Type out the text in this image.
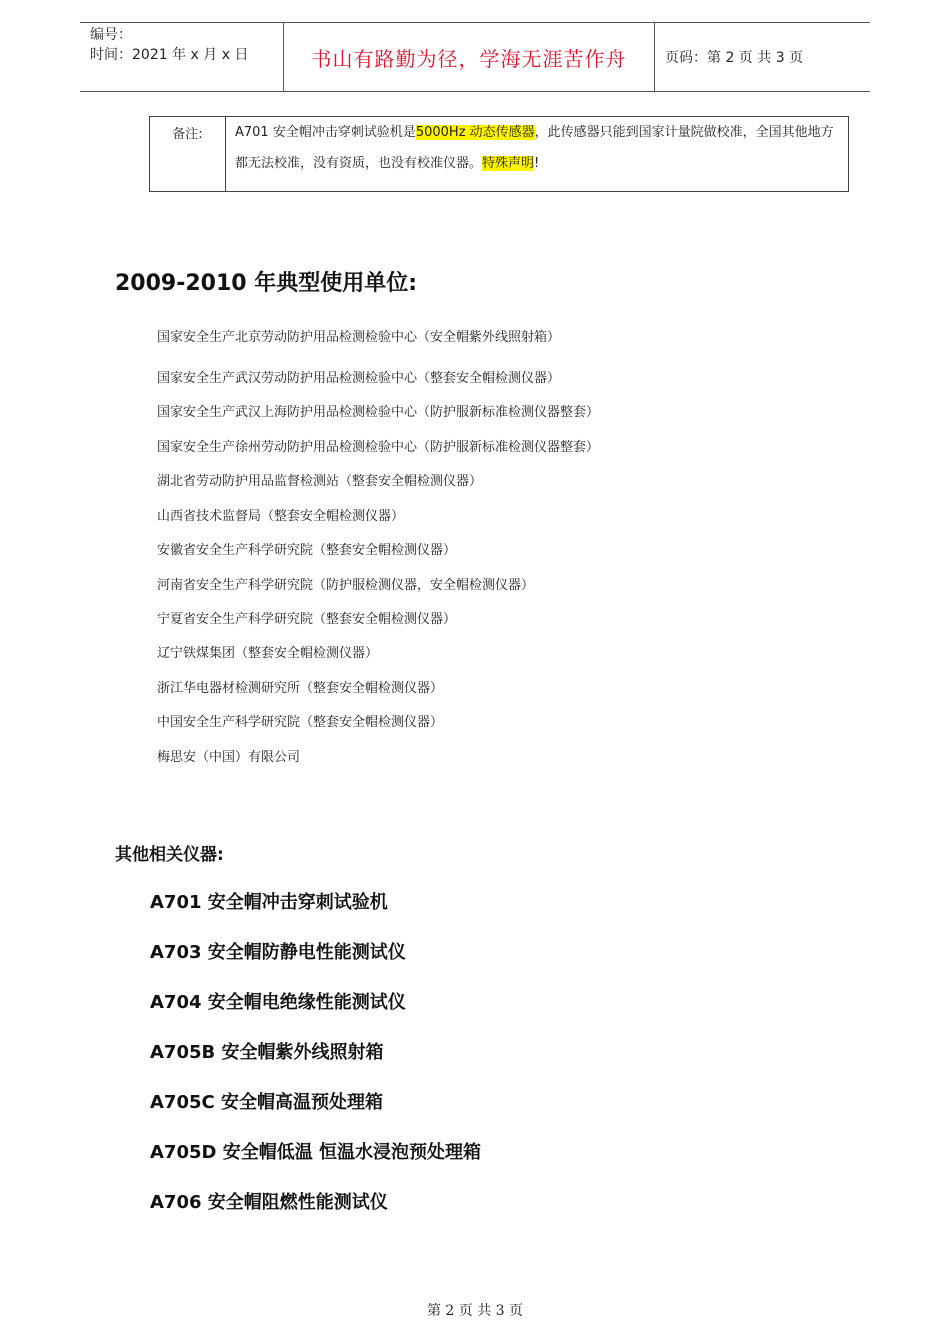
编号：
时间：2021 年 x 月 x 日	书山有路勤为径，学海无涯苦作舟	页码：第 2 页 共 3 页
备注:	A701 安全帽冲击穿刺试验机是5000Hz 动态传感器，此传感器只能到国家计量院做校准，全国其他地方都无法校准，没有资质，也没有校准仪器。特殊声明!
2009-2010 年典型使用单位:
国家安全生产北京劳动防护用品检测检验中心（安全帽紫外线照射箱）
国家安全生产武汉劳动防护用品检测检验中心（整套安全帽检测仪器）
国家安全生产武汉上海防护用品检测检验中心（防护服新标准检测仪器整套）
国家安全生产徐州劳动防护用品检测检验中心（防护服新标准检测仪器整套）
湖北省劳动防护用品监督检测站（整套安全帽检测仪器）
山西省技术监督局（整套安全帽检测仪器）
安徽省安全生产科学研究院（整套安全帽检测仪器）
河南省安全生产科学研究院（防护服检测仪器，安全帽检测仪器）
宁夏省安全生产科学研究院（整套安全帽检测仪器）
辽宁铁煤集团（整套安全帽检测仪器）
浙江华电器材检测研究所（整套安全帽检测仪器）
中国安全生产科学研究院（整套安全帽检测仪器）
梅思安（中国）有限公司
其他相关仪器:
A701 安全帽冲击穿刺试验机
A703 安全帽防静电性能测试仪
A704 安全帽电绝缘性能测试仪
A705B 安全帽紫外线照射箱
A705C 安全帽高温预处理箱
A705D 安全帽低温 恒温水浸泡预处理箱
A706 安全帽阻燃性能测试仪
第 2 页 共 3 页
